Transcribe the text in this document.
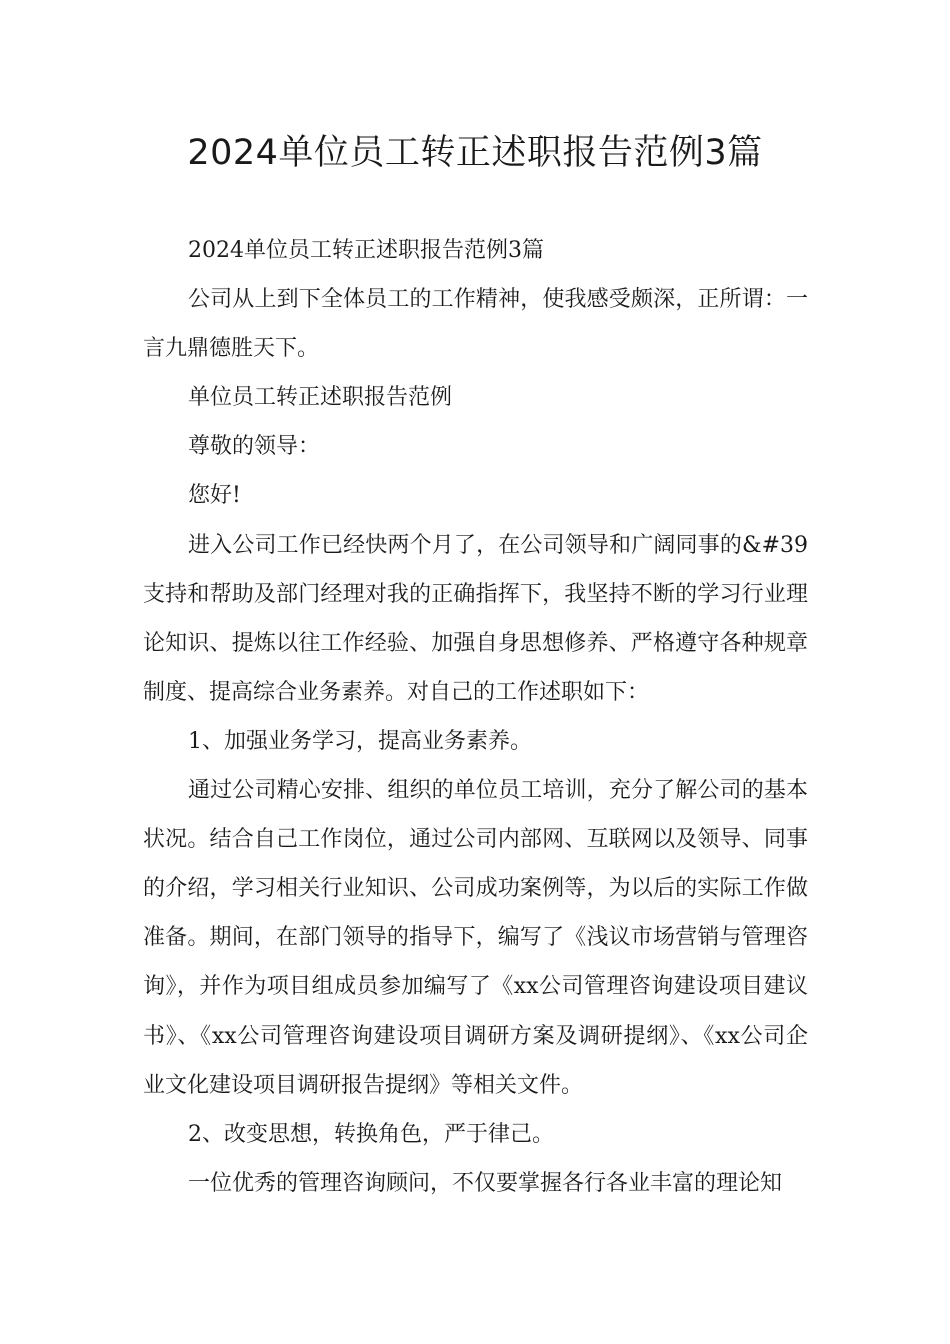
2024单位员工转正述职报告范例3篇

2024单位员工转正述职报告范例3篇

公司从上到下全体员工的工作精神，使我感受颇深，正所谓：一言九鼎德胜天下。

单位员工转正述职报告范例

尊敬的领导：

您好!

进入公司工作已经快两个月了，在公司领导和广阔同事的&#39支持和帮助及部门经理对我的正确指挥下，我坚持不断的学习行业理论知识、提炼以往工作经验、加强自身思想修养、严格遵守各种规章制度、提高综合业务素养。对自己的工作述职如下：

1、加强业务学习，提高业务素养。

通过公司精心安排、组织的单位员工培训，充分了解公司的基本状况。结合自己工作岗位，通过公司内部网、互联网以及领导、同事的介绍，学习相关行业知识、公司成功案例等，为以后的实际工作做准备。期间，在部门领导的指导下，编写了《浅议市场营销与管理咨询》，并作为项目组成员参加编写了《xx公司管理咨询建设项目建议书》、《xx公司管理咨询建设项目调研方案及调研提纲》、《xx公司企业文化建设项目调研报告提纲》等相关文件。

2、改变思想，转换角色，严于律己。

一位优秀的管理咨询顾问，不仅要掌握各行各业丰富的理论知
